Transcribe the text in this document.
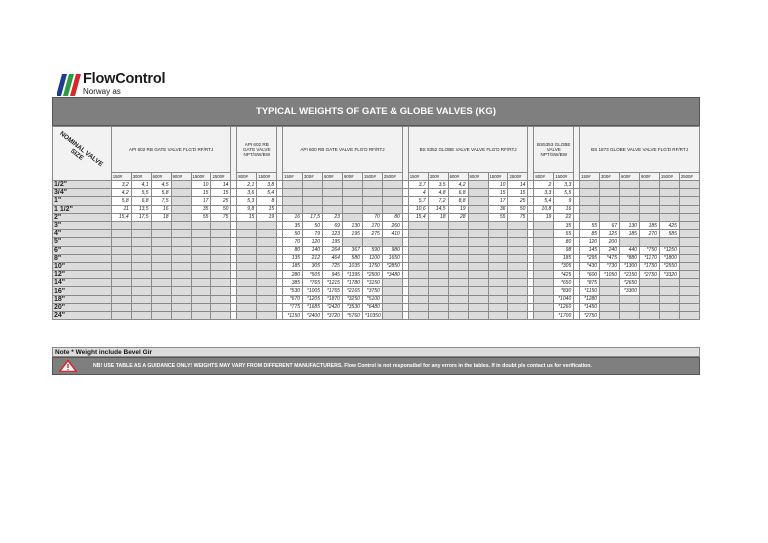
FlowControl
Norway as
TYPICAL WEIGHTS OF GATE & GLOBE VALVES (KG)
NOMINAL VALVE SIZE	API 602 RB GATE VALVE FLG'D RF/RTJ							API 602 RB GATE VALVE NPT/SW/BW			API 600 RB GATE VALVE FLG'D RF/RTJ							BS 5352 GLOBE VALVE VALVE FLG'D RF/RTJ							BS5353 GLOBE VALVE NPT/SW/BW			BS 1873 GLOBE VALVE VALVE FLG'D RF/RTJ					
	150#	300#	600#	900#	1500#	2500#		800#	1500#		150#	300#	600#	900#	1500#	2500#		150#	300#	600#	900#	1500#	2500#		800#	1500#		150#	300#	600#	900#	1500#	2500#
1/2"	3,2	4,1	4,5		10	14		2,1	3,8									3,7	3,5	4,2		10	14		2	3,3							
3/4"	4,2	5,5	5,8		15	15		3,6	5,4									4	4,8	6,8		15	15		3,3	5,5							
1"	5,8	6,8	7,5		17	25		5,3	8									5,7	7,2	8,8		17	25		5,4	9							
1 1/2"	11	13,5	16		35	50		9,8	15									10,6	14,5	19		36	50		10,8	16							
2"	15,4	17,5	18		55	75		15	19		16	17,5	23		70	80		15,4	18	28		55	75		19	22							
3"											35	50	69	130	170	260										35		55	67	130	185	425	
4"											50	79	123	195	275	410										55		85	125	185	270	585	
5"											70	120	195													80		120	200				
6"											80	140	264	367	590	980										98		145	240	440	*750	*1250	
8"											135	212	464	580	1100	1650										185		*295	*475	*880	*1170	*1800	
10"											185	305	725	1035	1750	*2850										*305		*430	*730	*1300	*1750	*2550	
12"											280	*505	945	*1395	*2500	*3480										*425		*600	*1050	*2150	*2750	*3320	
14"											385	*765	*1215	*1780	*3150											*650		*875		*2650			
16"											*530	*1005	*1765	*2165	*3750											*830		*1150		*3300			
18"											*670	*1205	*1870	*3250	*5100											*1040		*1280					
20"											*775	*1685	*2420	*3530	*6480											*1260		*1450					
24"											*1150	*2400	*3720	*5760	*10350											*1700		*2750					
Note * Weight include Bevel Gir
NB! USE TABLE AS A GUIDANCE ONLY! WEIGHTS MAY VARY FROM DIFFERENT MANUFACTURERS. Flow Control is not responsibel for any errors in the tables. If in doubt pls contact us for verification.
